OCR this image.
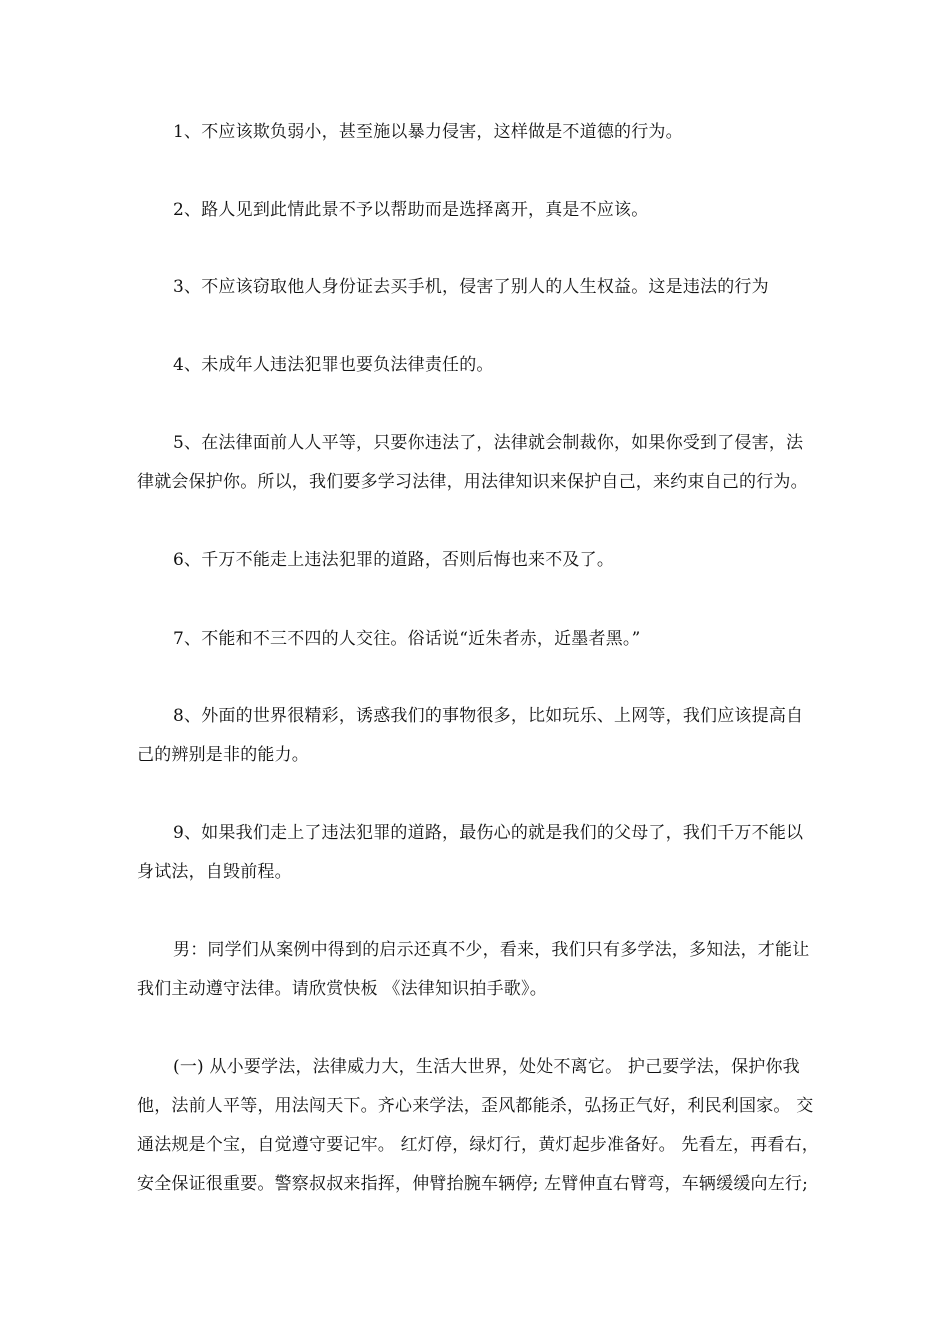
1、不应该欺负弱小，甚至施以暴力侵害，这样做是不道德的行为。

2、路人见到此情此景不予以帮助而是选择离开，真是不应该。

3、不应该窃取他人身份证去买手机，侵害了别人的人生权益。这是违法的行为

4、未成年人违法犯罪也要负法律责任的。

5、在法律面前人人平等，只要你违法了，法律就会制裁你，如果你受到了侵害，法
律就会保护你。所以，我们要多学习法律，用法律知识来保护自己，来约束自己的行为。

6、千万不能走上违法犯罪的道路，否则后悔也来不及了。

7、不能和不三不四的人交往。俗话说“近朱者赤，近墨者黑。”

8、外面的世界很精彩，诱惑我们的事物很多，比如玩乐、上网等，我们应该提高自
己的辨别是非的能力。

9、如果我们走上了违法犯罪的道路，最伤心的就是我们的父母了，我们千万不能以
身试法，自毁前程。

男：同学们从案例中得到的启示还真不少，看来，我们只有多学法，多知法，才能让
我们主动遵守法律。请欣赏快板 《法律知识拍手歌》。

(一) 从小要学法，法律威力大，生活大世界，处处不离它。 护己要学法，保护你我
他，法前人平等，用法闯天下。齐心来学法，歪风都能杀，弘扬正气好，利民利国家。 交
通法规是个宝，自觉遵守要记牢。 红灯停，绿灯行，黄灯起步准备好。 先看左，再看右，
安全保证很重要。警察叔叔来指挥，伸臂抬腕车辆停; 左臂伸直右臂弯，车辆缓缓向左行;
